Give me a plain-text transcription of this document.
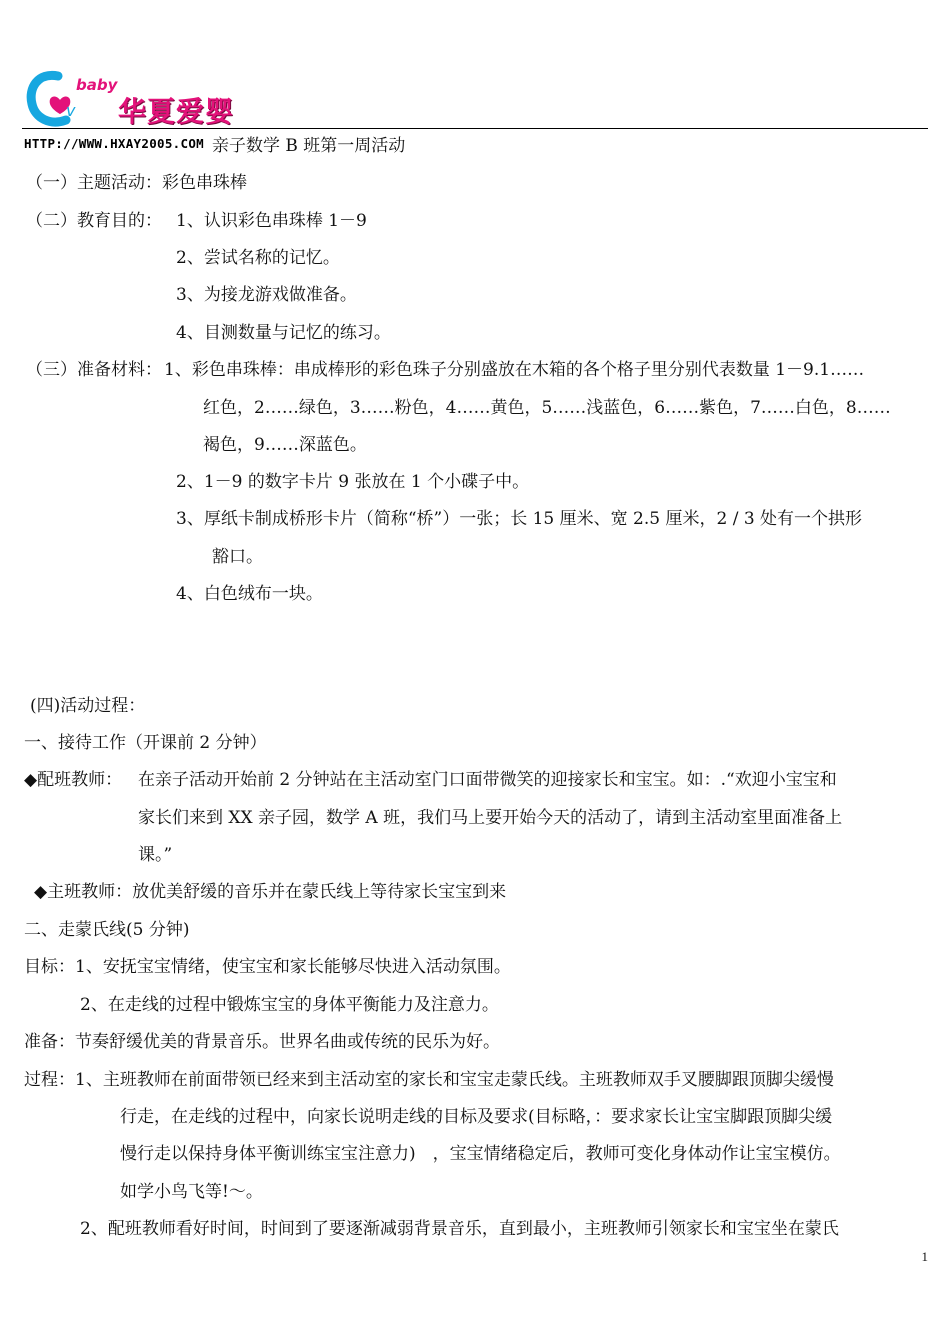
v
baby
华夏爱婴
HTTP://WWW.HXAY2005.COM 亲子数学 B 班第一周活动
（一）主题活动：彩色串珠棒
（二）教育目的： 1、认识彩色串珠棒 1－9
2、尝试名称的记忆。
3、为接龙游戏做准备。
4、目测数量与记忆的练习。
（三）准备材料： 1、彩色串珠棒：串成棒形的彩色珠子分别盛放在木箱的各个格子里分别代表数量 1－9.1……
红色，2……绿色，3……粉色，4……黄色，5……浅蓝色，6……紫色，7……白色，8……
褐色，9……深蓝色。
2、1－9 的数字卡片 9 张放在 1 个小碟子中。
3、厚纸卡制成桥形卡片（简称“桥”）一张；长 15 厘米、宽 2.5 厘米，2 / 3 处有一个拱形
豁口。
4、白色绒布一块。
(四)活动过程：
一、接待工作（开课前 2 分钟）
◆配班教师： 在亲子活动开始前 2 分钟站在主活动室门口面带微笑的迎接家长和宝宝。如：.“欢迎小宝宝和
家长们来到 XX 亲子园，数学 A 班，我们马上要开始今天的活动了，请到主活动室里面准备上
课。”
◆主班教师：放优美舒缓的音乐并在蒙氏线上等待家长宝宝到来
二、走蒙氏线(5 分钟)
目标：1、安抚宝宝情绪，使宝宝和家长能够尽快进入活动氛围。
2、在走线的过程中锻炼宝宝的身体平衡能力及注意力。
准备：节奏舒缓优美的背景音乐。世界名曲或传统的民乐为好。
过程：1、主班教师在前面带领已经来到主活动室的家长和宝宝走蒙氏线。主班教师双手叉腰脚跟顶脚尖缓慢
行走，在走线的过程中，向家长说明走线的目标及要求(目标略，：要求家长让宝宝脚跟顶脚尖缓
慢行走以保持身体平衡训练宝宝注意力)　，宝宝情绪稳定后，教师可变化身体动作让宝宝模仿。
如学小鸟飞等!～。
2、配班教师看好时间，时间到了要逐渐减弱背景音乐，直到最小，主班教师引领家长和宝宝坐在蒙氏
1
